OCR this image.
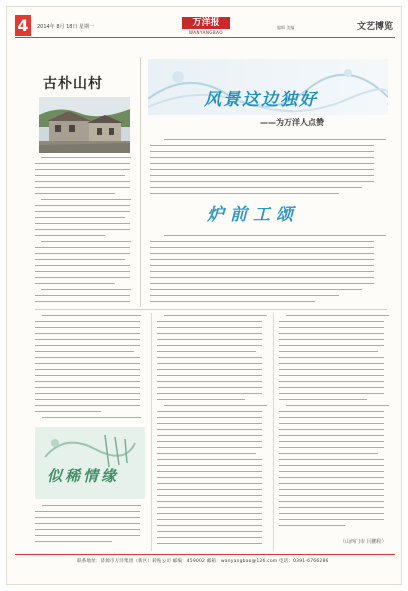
4	2014年 8月 18日 星期一	万洋报
WANYANGBAO
编辑 美编	文艺博览
古朴山村
风景这边独好
——为万洋人点赞
炉前工颂
似稀情缘
（山西门市 闫鹏程）
联系地址：济源市万洋集团（新区）转贴公司 邮编：459002 邮箱：wanyangbao@126.com 电话：0391-6766286
